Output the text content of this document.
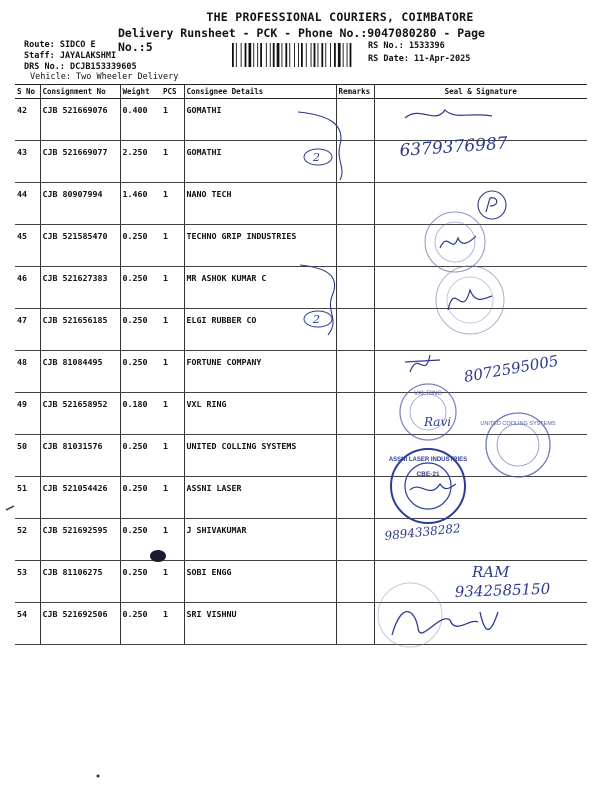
THE PROFESSIONAL COURIERS, COIMBATORE
Delivery Runsheet - PCK - Phone No.:9047080280 - Page No.:5
Route: SIDCO E
Staff: JAYALAKSHMI
DRS No.: DCJB153339605
Vehicle: Two Wheeler Delivery
RS No.: 1533396
RS Date: 11-Apr-2025
S No	Consignment No	Weight	PCS	Consignee Details	Remarks	Seal & Signature
42	CJB 521669076	0.400	1	GOMATHI		
43	CJB 521669077	2.250	1	GOMATHI		
44	CJB 80907994	1.460	1	NANO TECH		
45	CJB 521585470	0.250	1	TECHNO GRIP INDUSTRIES		
46	CJB 521627383	0.250	1	MR ASHOK KUMAR C		
47	CJB 521656185	0.250	1	ELGI RUBBER CO		
48	CJB 81084495	0.250	1	FORTUNE COMPANY		
49	CJB 521658952	0.180	1	VXL RING		
50	CJB 81031576	0.250	1	UNITED COLLING SYSTEMS		
51	CJB 521054426	0.250	1	ASSNI LASER		
52	CJB 521692595	0.250	1	J SHIVAKUMAR		
53	CJB 81106275	0.250	1	SOBI ENGG		
54	CJB 521692506	0.250	1	SRI VISHNU		
2
2
6379376987
8072595005
VXL RING
Ravi	UNITED COOLING SYSTEMS
ASSNI LASER INDUSTRIES
CBE-21
9894338282
RAM
9342585150
